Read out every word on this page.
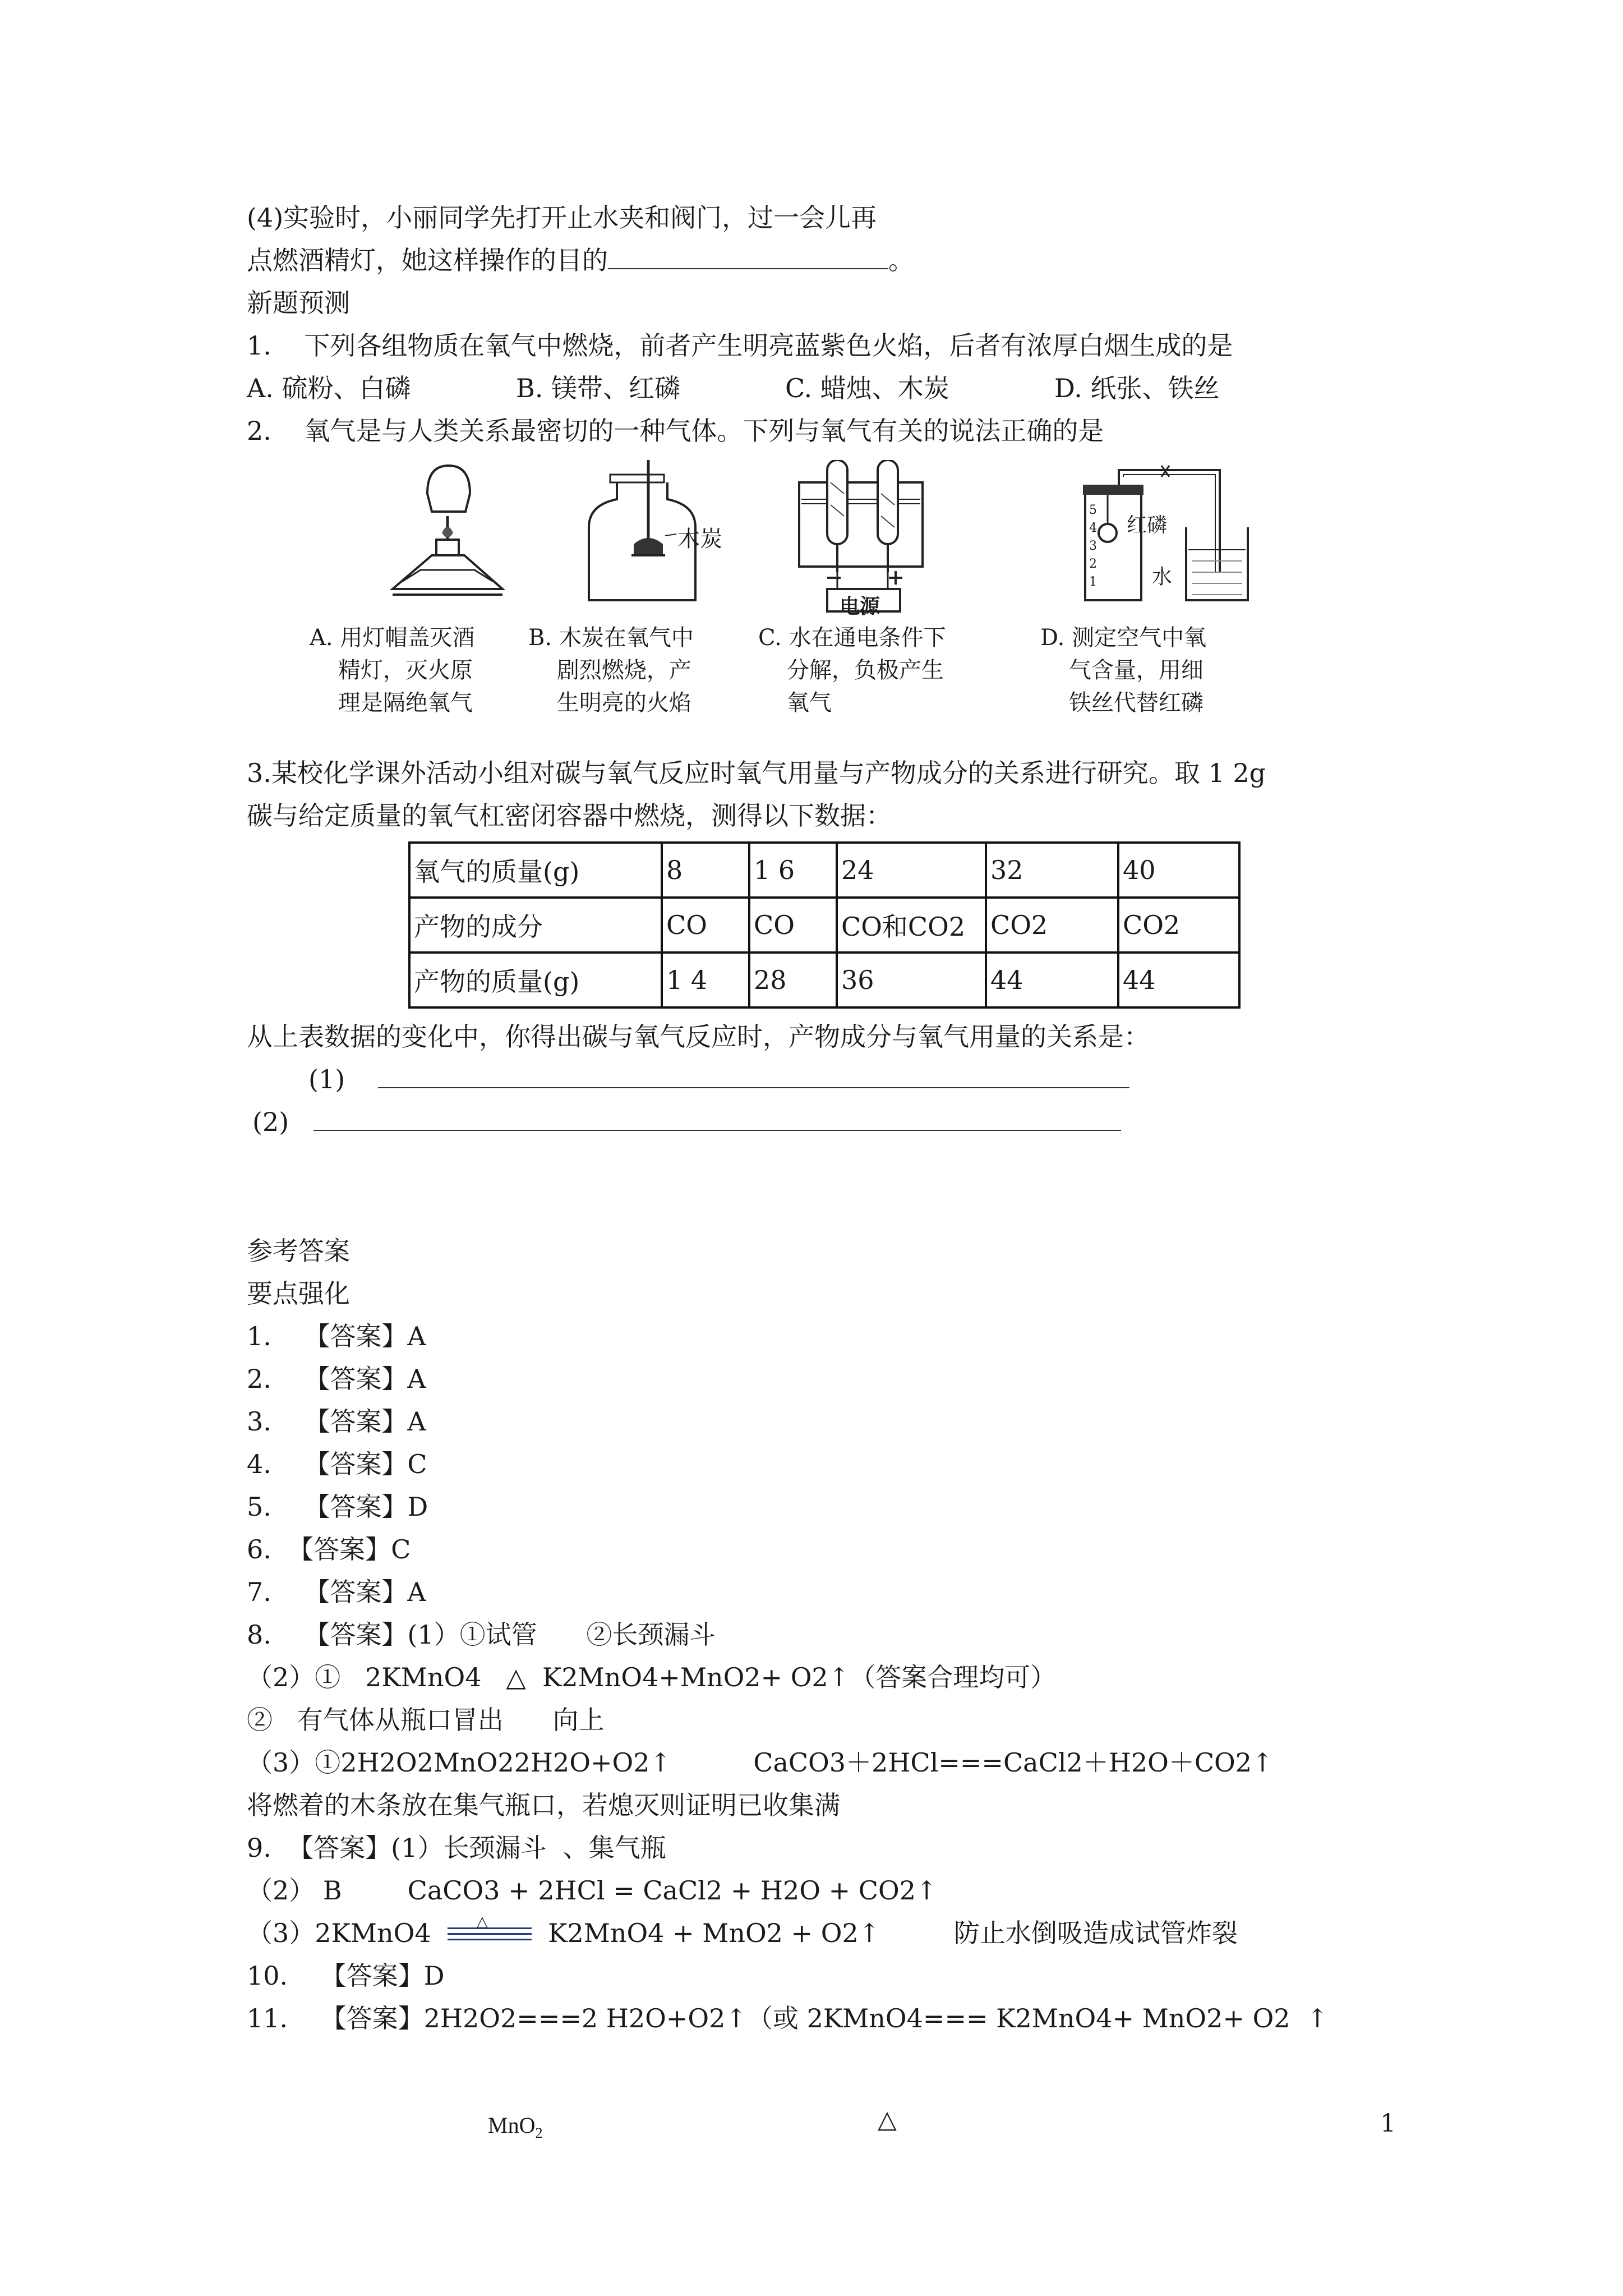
(4)实验时，小丽同学先打开止水夹和阀门，过一会儿再
点燃酒精灯，她这样操作的目的	。
新题预测
1.    下列各组物质在氧气中燃烧，前者产生明亮蓝紫色火焰，后者有浓厚白烟生成的是
A. 硫粉、白磷	B. 镁带、红磷	C. 蜡烛、木炭	D. 纸张、铁丝
2.    氧气是与人类关系最密切的一种气体。下列与氧气有关的说法正确的是
木炭
电源
红磷
水
5
4
3
2
1
A. 用灯帽盖灭酒
精灯，灭火原
理是隔绝氧气
B. 木炭在氧气中
剧烈燃烧，产
生明亮的火焰
C. 水在通电条件下
分解，负极产生
氧气
D. 测定空气中氧
气含量，用细
铁丝代替红磷
3.某校化学课外活动小组对碳与氧气反应时氧气用量与产物成分的关系进行研究。取 1 2g
碳与给定质量的氧气杠密闭容器中燃烧，测得以下数据：
氧气的质量(g)	8	1 6	24	32	40
产物的成分	CO	CO	CO和CO2	CO2	CO2
产物的质量(g)	1 4	28	36	44	44
从上表数据的变化中，你得出碳与氧气反应时，产物成分与氧气用量的关系是：
(1)
(2)
参考答案
要点强化
1.    【答案】A
2.    【答案】A
3.    【答案】A
4.    【答案】C
5.    【答案】D
6.  【答案】C
7.    【答案】A
8.    【答案】(1）①试管      ②长颈漏斗
（2）①   2KMnO4   △  K2MnO4+MnO2+ O2↑（答案合理均可）
②   有气体从瓶口冒出      向上
（3）①2H2O2MnO22H2O+O2↑          CaCO3＋2HCl===CaCl2＋H2O＋CO2↑
将燃着的木条放在集气瓶口，若熄灭则证明已收集满
9.  【答案】(1）长颈漏斗  、集气瓶
（2） B        CaCO3 + 2HCl = CaCl2 + H2O + CO2↑
（3）2KMnO4	△ K2MnO4 + MnO2 + O2↑	防止水倒吸造成试管炸裂
10.    【答案】D
11.    【答案】2H2O2===2 H2O+O2↑（或 2KMnO4=== K2MnO4+ MnO2+ O2  ↑
MnO$_2$	△	1
